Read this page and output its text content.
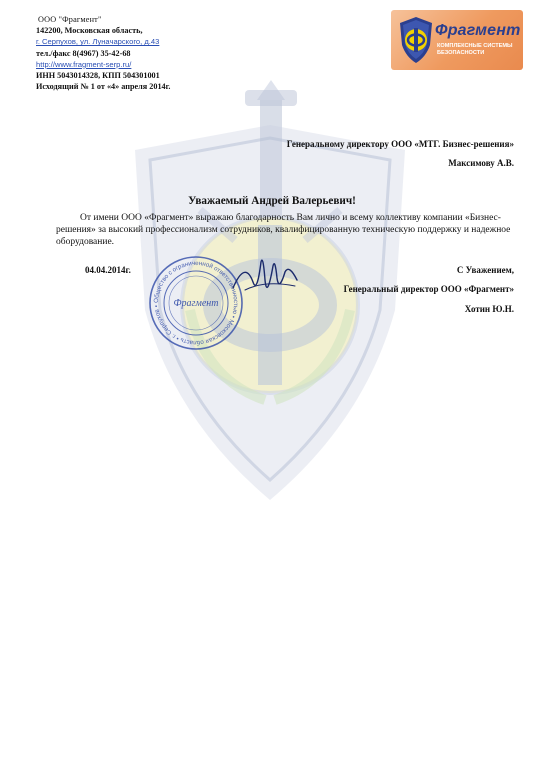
ООО "Фрагмент"
142200, Московская область,
г. Серпухов, ул. Луначарского, д.43
тел./факс 8(4967) 35-42-68
http://www.fragment-serp.ru/
ИНН 5043014328, КПП 504301001
Исходящий № 1 от «4» апреля 2014г.
Фрагмент
КОМПЛЕКСНЫЕ СИСТЕМЫ БЕЗОПАСНОСТИ
Генеральному директору ООО «МТГ. Бизнес-решения»
Максимову А.В.
Уважаемый Андрей Валерьевич!
От имени ООО «Фрагмент» выражаю благодарность Вам лично и всему коллективу компании «Бизнес-решения» за высокий профессионализм сотрудников, квалифицированную техническую поддержку и надежное оборудование.
04.04.2014г.	С Уважением,
Генеральный директор ООО «Фрагмент»
Хотин Ю.Н.
Общество с ограниченной ответственностью • Московская область • г. Серпухов •	Фрагмент
